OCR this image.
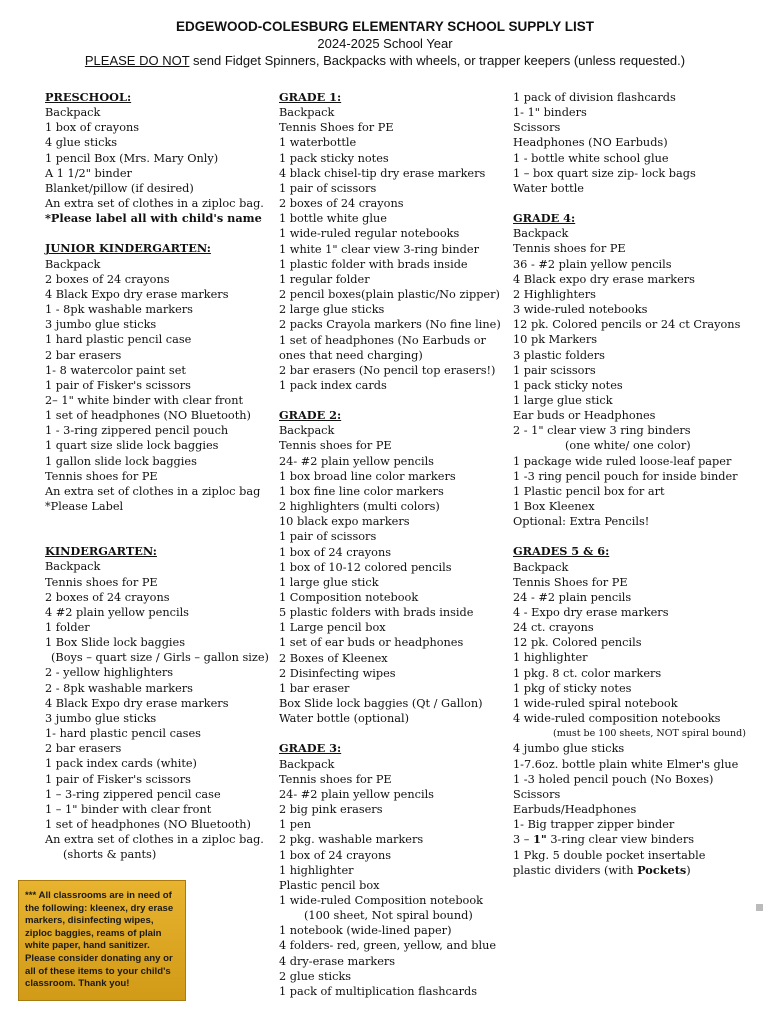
EDGEWOOD-COLESBURG ELEMENTARY SCHOOL SUPPLY LIST
2024-2025 School Year
PLEASE DO NOT send Fidget Spinners, Backpacks with wheels, or trapper keepers (unless requested.)
PRESCHOOL:
Backpack
1 box of crayons
4 glue sticks
1 pencil Box (Mrs. Mary Only)
A 1 1/2" binder
Blanket/pillow (if desired)
An extra set of clothes in a ziploc bag.
*Please label all with child's name
JUNIOR KINDERGARTEN:
Backpack
2 boxes of 24 crayons
4 Black Expo dry erase markers
1 - 8pk washable markers
3 jumbo glue sticks
1 hard plastic pencil case
2 bar erasers
1- 8 watercolor paint set
1 pair of Fisker's scissors
2– 1" white binder with clear front
1 set of headphones (NO Bluetooth)
1 - 3-ring zippered pencil pouch
1 quart size slide lock baggies
1 gallon slide lock baggies
Tennis shoes for PE
An extra set of clothes in a ziploc bag
*Please Label
KINDERGARTEN:
Backpack
Tennis shoes for PE
2 boxes of 24 crayons
4 #2 plain yellow pencils
1 folder
1 Box Slide lock baggies
(Boys – quart size / Girls – gallon size)
2 - yellow highlighters
2 - 8pk washable markers
4 Black Expo dry erase markers
3 jumbo glue sticks
1- hard plastic pencil cases
2 bar erasers
1 pack index cards (white)
1 pair of Fisker's scissors
1 – 3-ring zippered pencil case
1 – 1" binder with clear front
1 set of headphones (NO Bluetooth)
An extra set of clothes in a ziploc bag.
(shorts & pants)
*** All classrooms are in need of the following: kleenex, dry erase markers, disinfecting wipes, ziploc baggies, reams of plain white paper, hand sanitizer. Please consider donating any or all of these items to your child's classroom. Thank you!
GRADE 1:
Backpack
Tennis Shoes for PE
1 waterbottle
1 pack sticky notes
4 black chisel-tip dry erase markers
1 pair of scissors
2 boxes of 24 crayons
1 bottle white glue
1 wide-ruled regular notebooks
1 white 1" clear view 3-ring binder
1 plastic folder with brads inside
1 regular folder
2 pencil boxes(plain plastic/No zipper)
2 large glue sticks
2 packs Crayola markers (No fine line)
1 set of headphones (No Earbuds or
ones that need charging)
2 bar erasers (No pencil top erasers!)
1 pack index cards
GRADE 2:
Backpack
Tennis shoes for PE
24- #2 plain yellow pencils
1 box broad line color markers
1 box fine line color markers
2 highlighters (multi colors)
10 black expo markers
1 pair of scissors
1 box of 24 crayons
1 box of 10-12 colored pencils
1 large glue stick
1 Composition notebook
5 plastic folders with brads inside
1 Large pencil box
1 set of ear buds or headphones
2 Boxes of Kleenex
2 Disinfecting wipes
1 bar eraser
Box Slide lock baggies (Qt / Gallon)
Water bottle (optional)
GRADE 3:
Backpack
Tennis shoes for PE
24- #2 plain yellow pencils
2 big pink erasers
1 pen
2 pkg. washable markers
1 box of 24 crayons
1 highlighter
Plastic pencil box
1 wide-ruled Composition notebook
(100 sheet, Not spiral bound)
1 notebook (wide-lined paper)
4 folders- red, green, yellow, and blue
4 dry-erase markers
2 glue sticks
1 pack of multiplication flashcards
1 pack of division flashcards
1- 1" binders
Scissors
Headphones (NO Earbuds)
1 - bottle white school glue
1 – box quart size zip- lock bags
Water bottle
GRADE 4:
Backpack
Tennis shoes for PE
36 - #2 plain yellow pencils
4 Black expo dry erase markers
2 Highlighters
3 wide-ruled notebooks
12 pk. Colored pencils or 24 ct Crayons
10 pk Markers
3 plastic folders
1 pair scissors
1 pack sticky notes
1 large glue stick
Ear buds or Headphones
2 - 1" clear view 3 ring binders
(one white/ one color)
1 package wide ruled loose-leaf paper
1 -3 ring pencil pouch for inside binder
1 Plastic pencil box for art
1 Box Kleenex
Optional: Extra Pencils!
GRADES 5 & 6:
Backpack
Tennis Shoes for PE
24 - #2 plain pencils
4 - Expo dry erase markers
24 ct. crayons
12 pk. Colored pencils
1 highlighter
1 pkg. 8 ct. color markers
1 pkg of sticky notes
1 wide-ruled spiral notebook
4 wide-ruled composition notebooks
(must be 100 sheets, NOT spiral bound)
4 jumbo glue sticks
1-7.6oz. bottle plain white Elmer's glue
1 -3 holed pencil pouch (No Boxes)
Scissors
Earbuds/Headphones
1- Big trapper zipper binder
3 – 1" 3-ring clear view binders
1 Pkg. 5 double pocket insertable
plastic dividers (with Pockets)
